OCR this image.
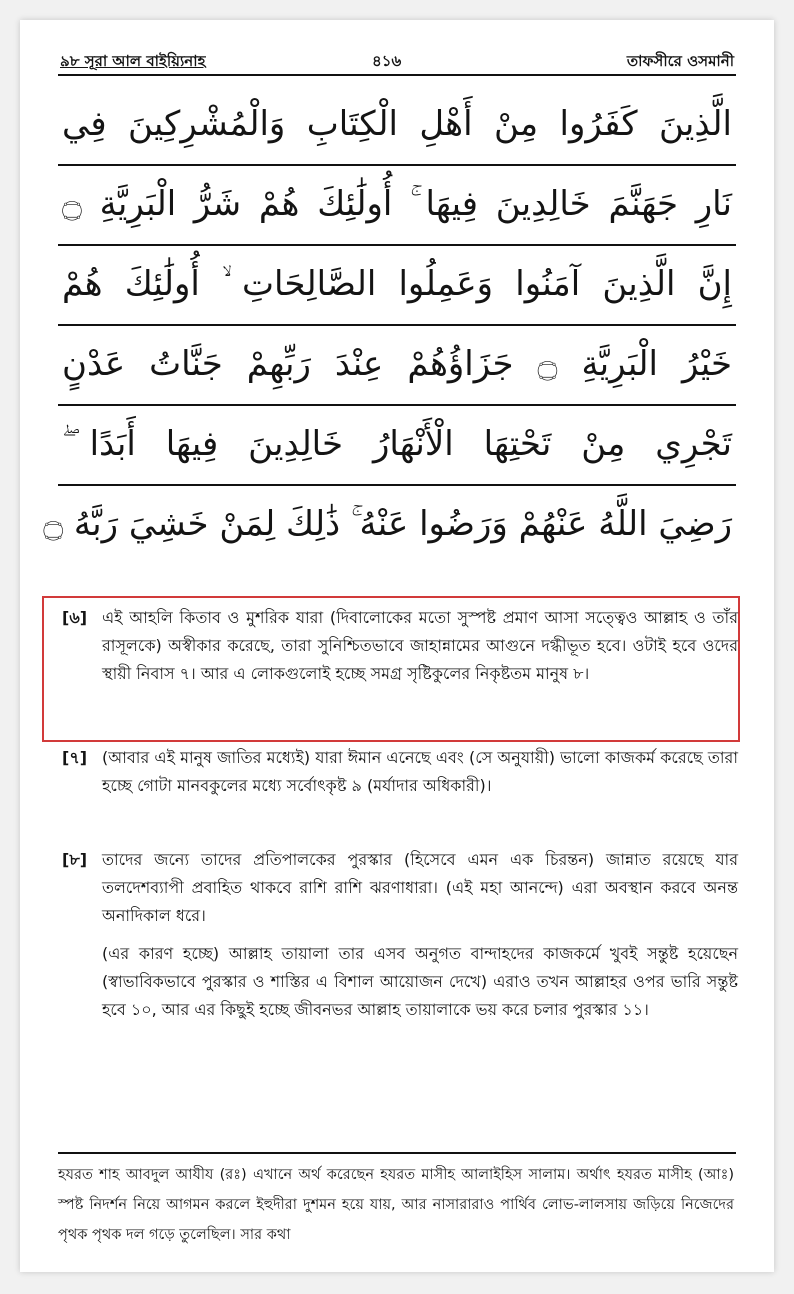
৯৮ সূরা আল বাইয়্যিনাহ	৪১৬	তাফসীরে ওসমানী
الَّذِينَ كَفَرُوا مِنْ أَهْلِ الْكِتَابِ وَالْمُشْرِكِينَ فِي
نَارِ جَهَنَّمَ خَالِدِينَ فِيهَا ۚ أُولَٰئِكَ هُمْ شَرُّ الْبَرِيَّةِ ۝
إِنَّ الَّذِينَ آمَنُوا وَعَمِلُوا الصَّالِحَاتِ ۙ أُولَٰئِكَ هُمْ
خَيْرُ الْبَرِيَّةِ ۝ جَزَاؤُهُمْ عِنْدَ رَبِّهِمْ جَنَّاتُ عَدْنٍ
تَجْرِي مِنْ تَحْتِهَا الْأَنْهَارُ خَالِدِينَ فِيهَا أَبَدًا ۖ
رَضِيَ اللَّهُ عَنْهُمْ وَرَضُوا عَنْهُ ۚ ذَٰلِكَ لِمَنْ خَشِيَ رَبَّهُ ۝
[৬] এই আহলি কিতাব ও মুশরিক যারা (দিবালোকের মতো সুস্পষ্ট প্রমাণ আসা সত্ত্বেও আল্লাহ ও তাঁর রাসূলকে) অস্বীকার করেছে, তারা সুনিশ্চিতভাবে জাহান্নামের আগুনে দগ্ধীভূত হবে। ওটাই হবে ওদের স্থায়ী নিবাস ৭। আর এ লোকগুলোই হচ্ছে সমগ্র সৃষ্টিকুলের নিকৃষ্টতম মানুষ ৮।
[৭] (আবার এই মানুষ জাতির মধ্যেই) যারা ঈমান এনেছে এবং (সে অনুযায়ী) ভালো কাজকর্ম করেছে তারা হচ্ছে গোটা মানবকুলের মধ্যে সর্বোৎকৃষ্ট ৯ (মর্যাদার অধিকারী)।
[৮] তাদের জন্যে তাদের প্রতিপালকের পুরস্কার (হিসেবে এমন এক চিরন্তন) জান্নাত রয়েছে যার তলদেশব্যাপী প্রবাহিত থাকবে রাশি রাশি ঝরণাধারা। (এই মহা আনন্দে) এরা অবস্থান করবে অনন্ত অনাদিকাল ধরে।
(এর কারণ হচ্ছে) আল্লাহ তায়ালা তার এসব অনুগত বান্দাহদের কাজকর্মে খুবই সন্তুষ্ট হয়েছেন (স্বাভাবিকভাবে পুরস্কার ও শাস্তির এ বিশাল আয়োজন দেখে) এরাও তখন আল্লাহর ওপর ভারি সন্তুষ্ট হবে ১০, আর এর কিছুই হচ্ছে জীবনভর আল্লাহ তায়ালাকে ভয় করে চলার পুরস্কার ১১।
হযরত শাহ আবদুল আযীয (রঃ) এখানে অর্থ করেছেন হযরত মাসীহ আলাইহিস সালাম। অর্থাৎ হযরত মাসীহ (আঃ) স্পষ্ট নিদর্শন নিয়ে আগমন করলে ইহুদীরা দুশমন হয়ে যায়, আর নাসারারাও পার্থিব লোভ-লালসায় জড়িয়ে নিজেদের পৃথক পৃথক দল গড়ে তুলেছিল। সার কথা
